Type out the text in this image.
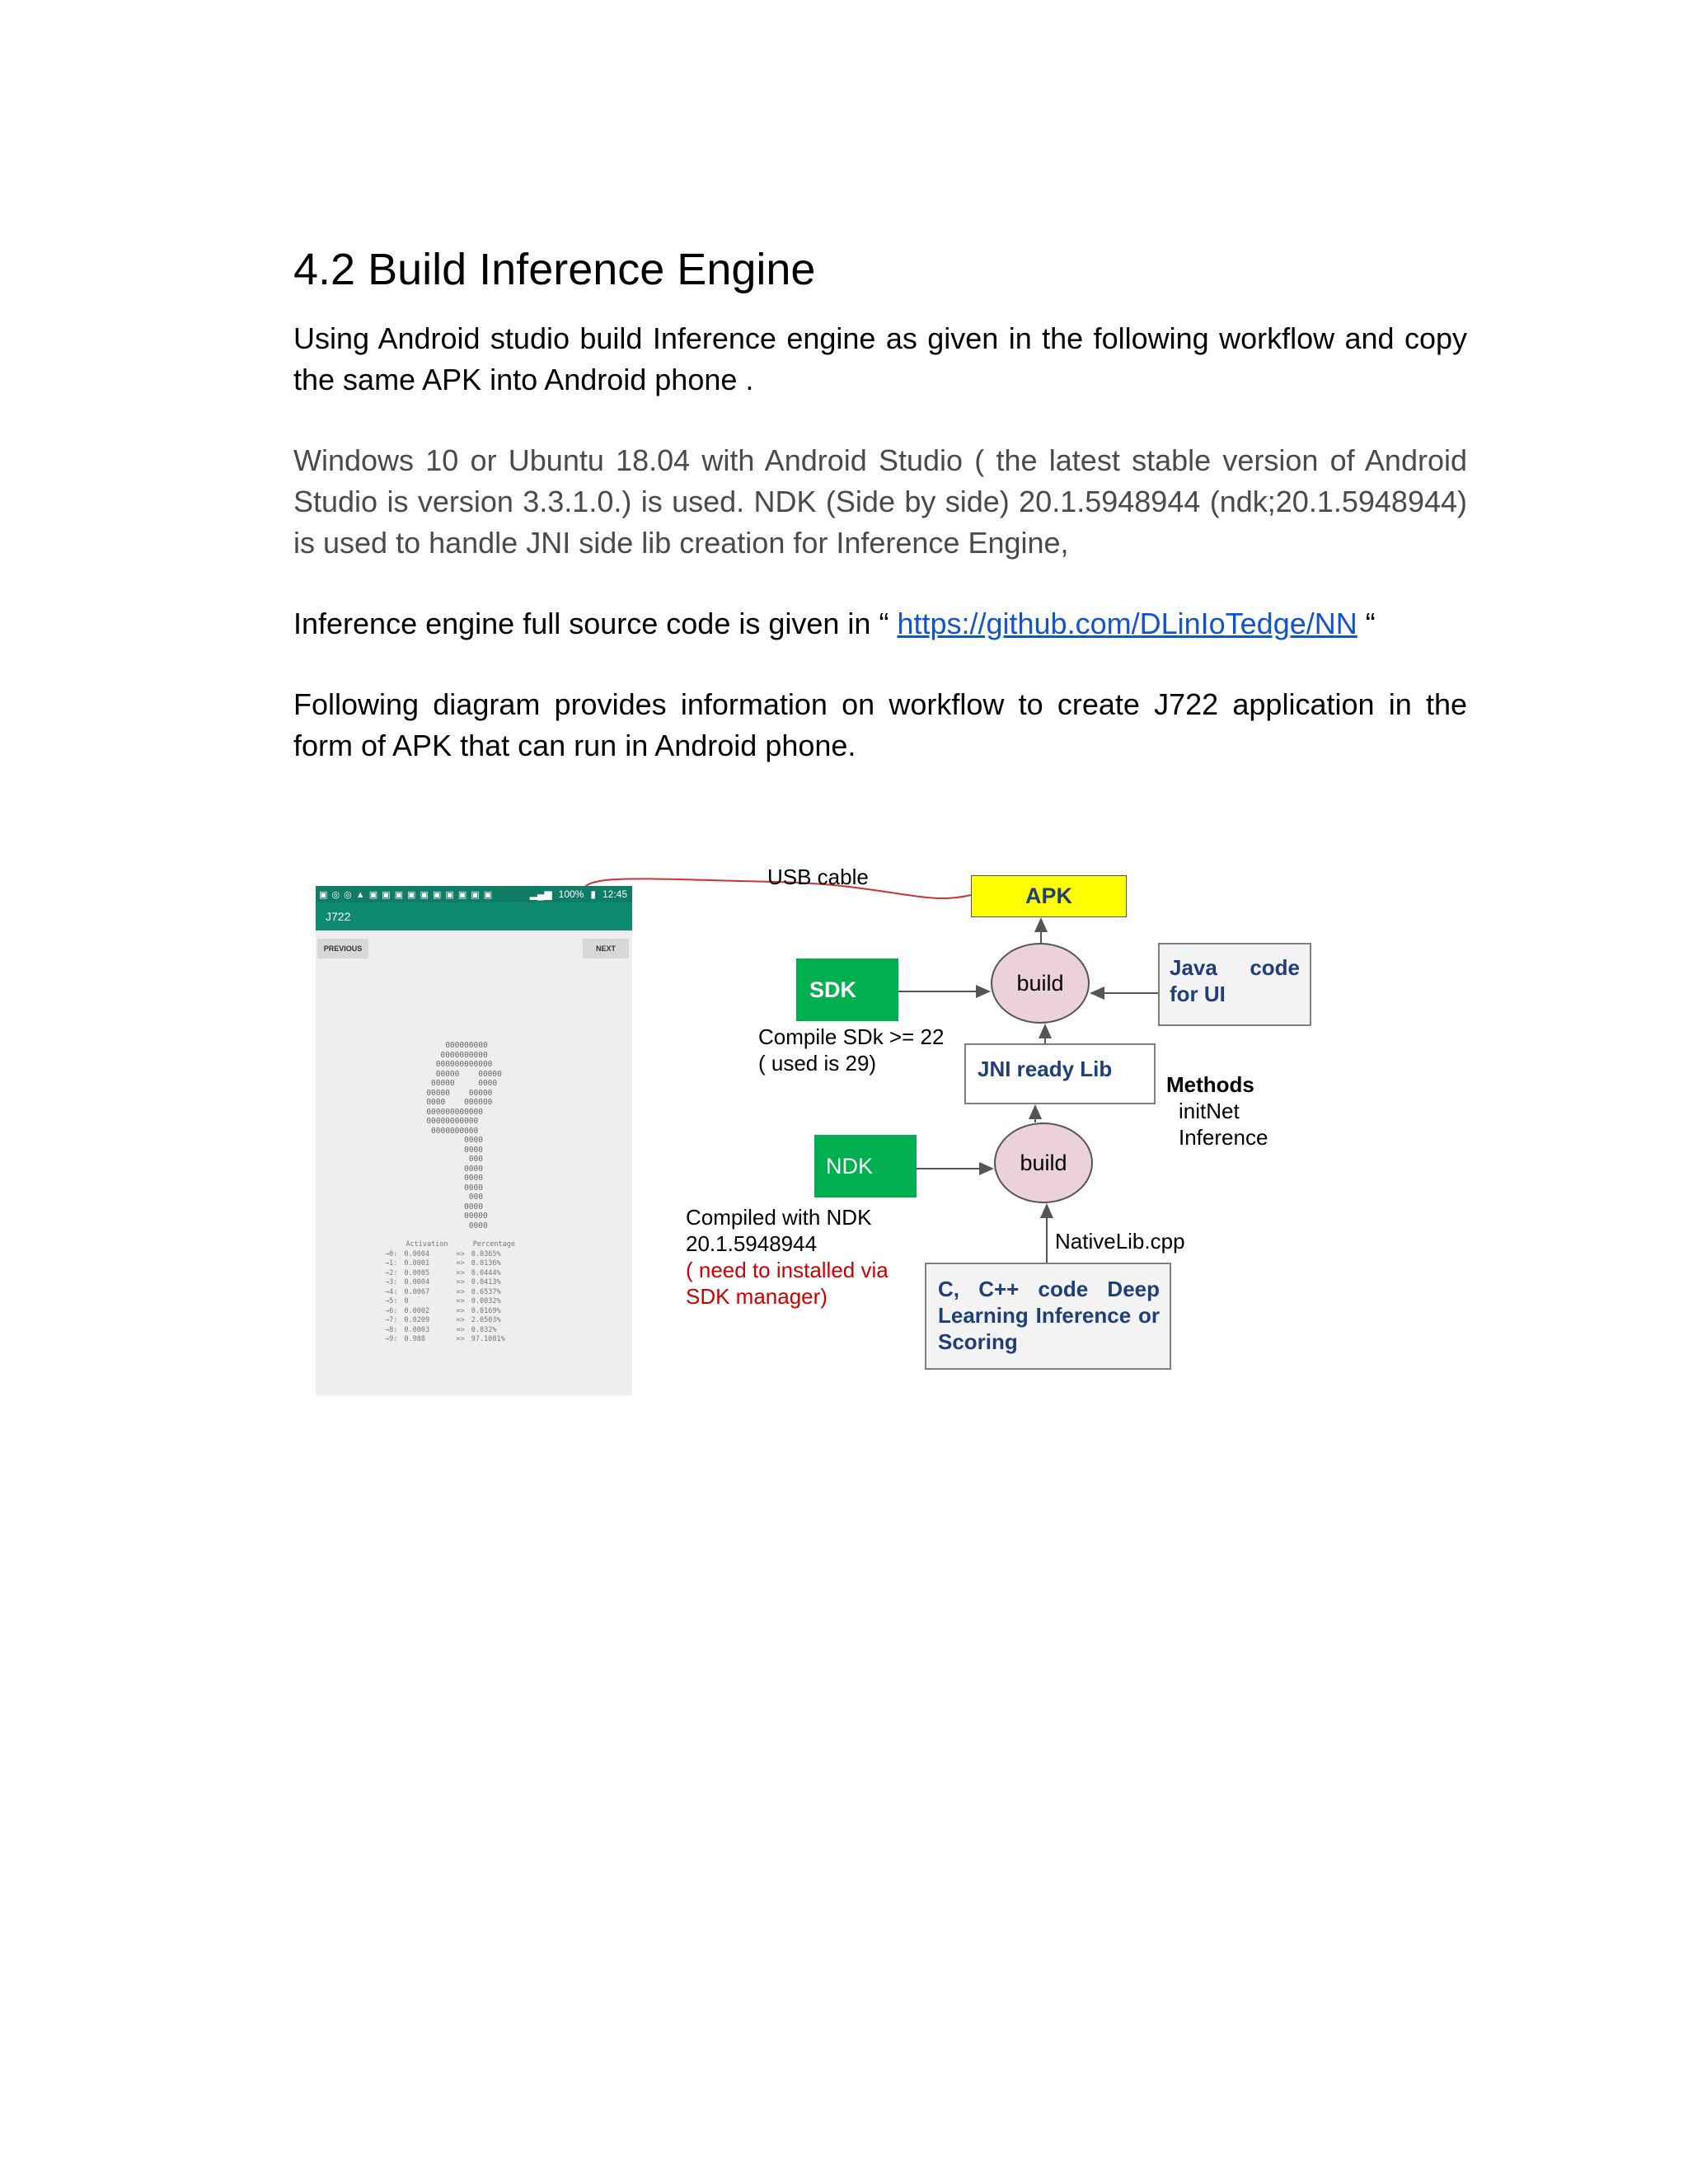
4.2 Build Inference Engine

Using Android studio build Inference engine as given in the following workflow and copy the same APK into Android phone .

Windows 10 or Ubuntu 18.04 with Android Studio ( the latest stable version of Android Studio is version 3.3.1.0.) is used. NDK (Side by side) 20.1.5948944 (ndk;20.1.5948944) is used to handle JNI side lib creation for Inference Engine,

Inference engine full source code is given in “ https://github.com/DLinIoTedge/NN “

Following diagram provides information on workflow to create J722 application in the form of APK that can run in Android phone.

▣ ◎ ◎ ▲ ▣ ▣ ▣ ▣ ▣ ▣ ▣ ▣ ▣ ▣	▂▄▆ 100% ▮ 12:45
J722
PREVIOUS	NEXT
000000000
0000000000
000000000000
00000    00000
00000     0000
00000    00000
0000    000000
000000000000
00000000000
0000000000
0000
0000
000
0000
0000
0000
000
0000
00000
0000
	Activation		Percentage
→0:	0.0004	=>	0.0365%
→1:	0.0001	=>	0.0136%
→2:	0.0005	=>	0.0444%
→3:	0.0004	=>	0.0413%
→4:	0.0067	=>	0.6537%
→5:	0	=>	0.0032%
→6:	0.0002	=>	0.0169%
→7:	0.0209	=>	2.0503%
→8:	0.0003	=>	0.032%
→9:	0.988	=>	97.1081%
USB cable
APK
SDK	build
Java code
for UI
Compile SDk >= 22
( used is 29)	JNI ready Lib
Methods
initNet
Inference
NDK	build
Compiled with NDK
20.1.5948944
( need to installed via
SDK manager)
NativeLib.cpp
C, C++ code Deep Learning Inference or Scoring
